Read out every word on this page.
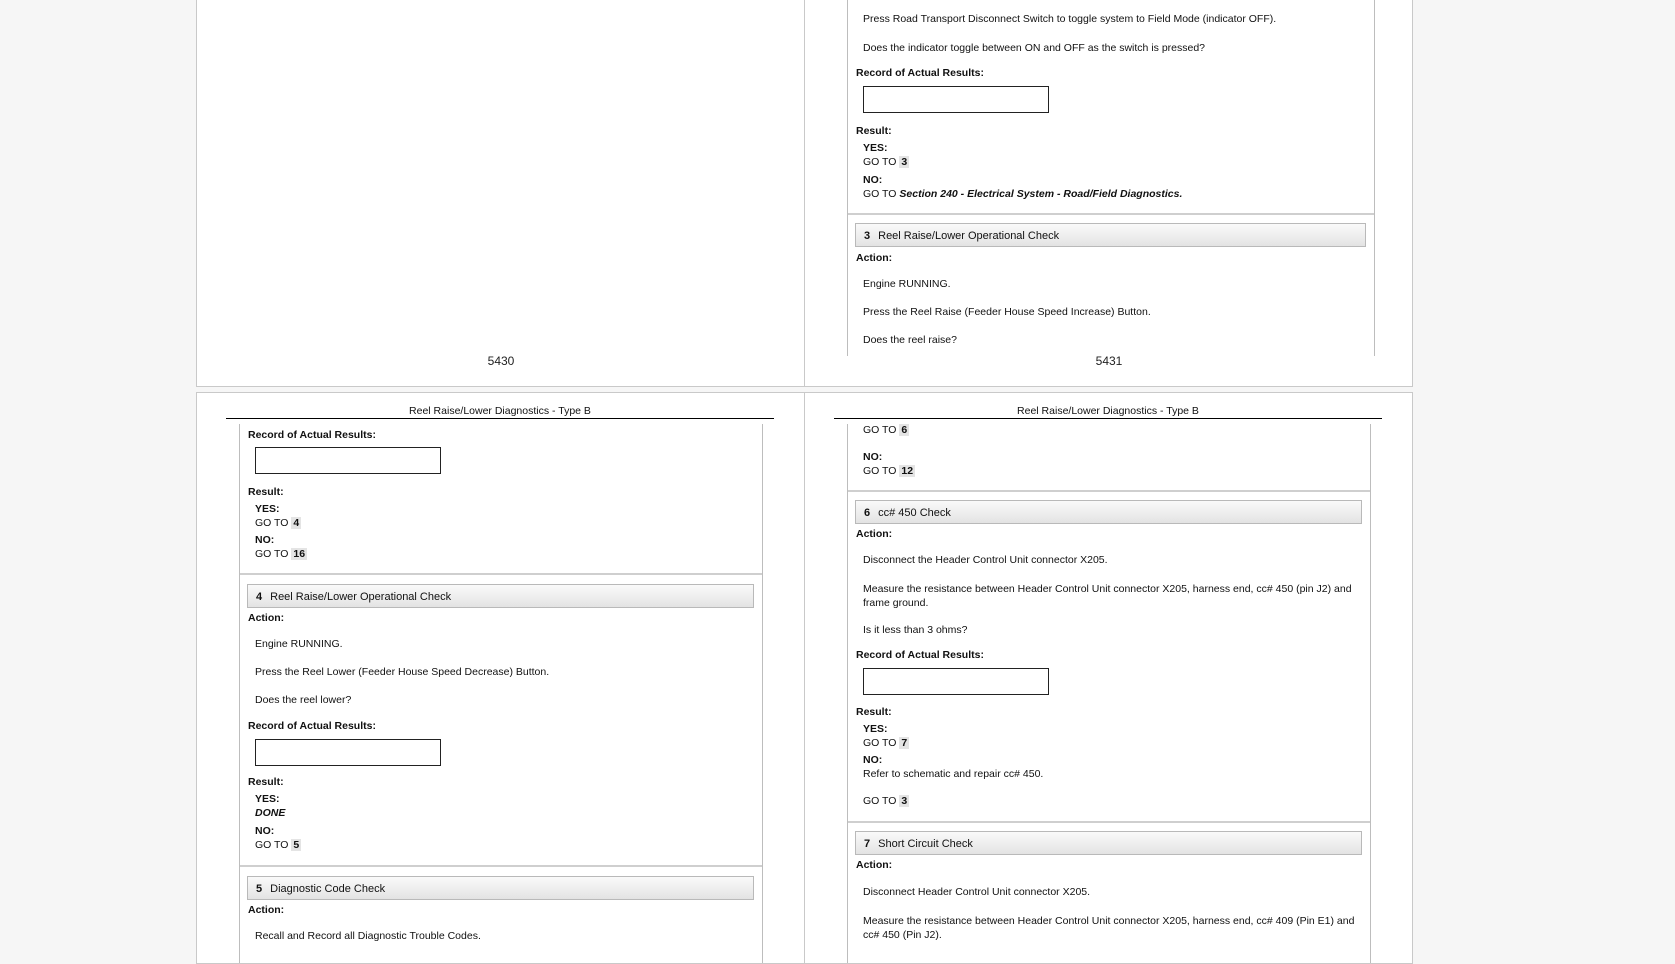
5430
Press Road Transport Disconnect Switch to toggle system to Field Mode (indicator OFF).
Does the indicator toggle between ON and OFF as the switch is pressed?
Record of Actual Results:
Result:
YES:
GO TO 3
NO:
GO TO Section 240 - Electrical System - Road/Field Diagnostics.
3 Reel Raise/Lower Operational Check
Action:
Engine RUNNING.
Press the Reel Raise (Feeder House Speed Increase) Button.
Does the reel raise?
5431
Reel Raise/Lower Diagnostics - Type B
Record of Actual Results:
Result:
YES:
GO TO 4
NO:
GO TO 16
4 Reel Raise/Lower Operational Check
Action:
Engine RUNNING.
Press the Reel Lower (Feeder House Speed Decrease) Button.
Does the reel lower?
Record of Actual Results:
Result:
YES:
DONE
NO:
GO TO 5
5 Diagnostic Code Check
Action:
Recall and Record all Diagnostic Trouble Codes.
Reel Raise/Lower Diagnostics - Type B
GO TO 6
NO:
GO TO 12
6 cc# 450 Check
Action:
Disconnect the Header Control Unit connector X205.
Measure the resistance between Header Control Unit connector X205, harness end, cc# 450 (pin J2) and frame ground.
Is it less than 3 ohms?
Record of Actual Results:
Result:
YES:
GO TO 7
NO:
Refer to schematic and repair cc# 450.
GO TO 3
7 Short Circuit Check
Action:
Disconnect Header Control Unit connector X205.
Measure the resistance between Header Control Unit connector X205, harness end, cc# 409 (Pin E1) and cc# 450 (Pin J2).
